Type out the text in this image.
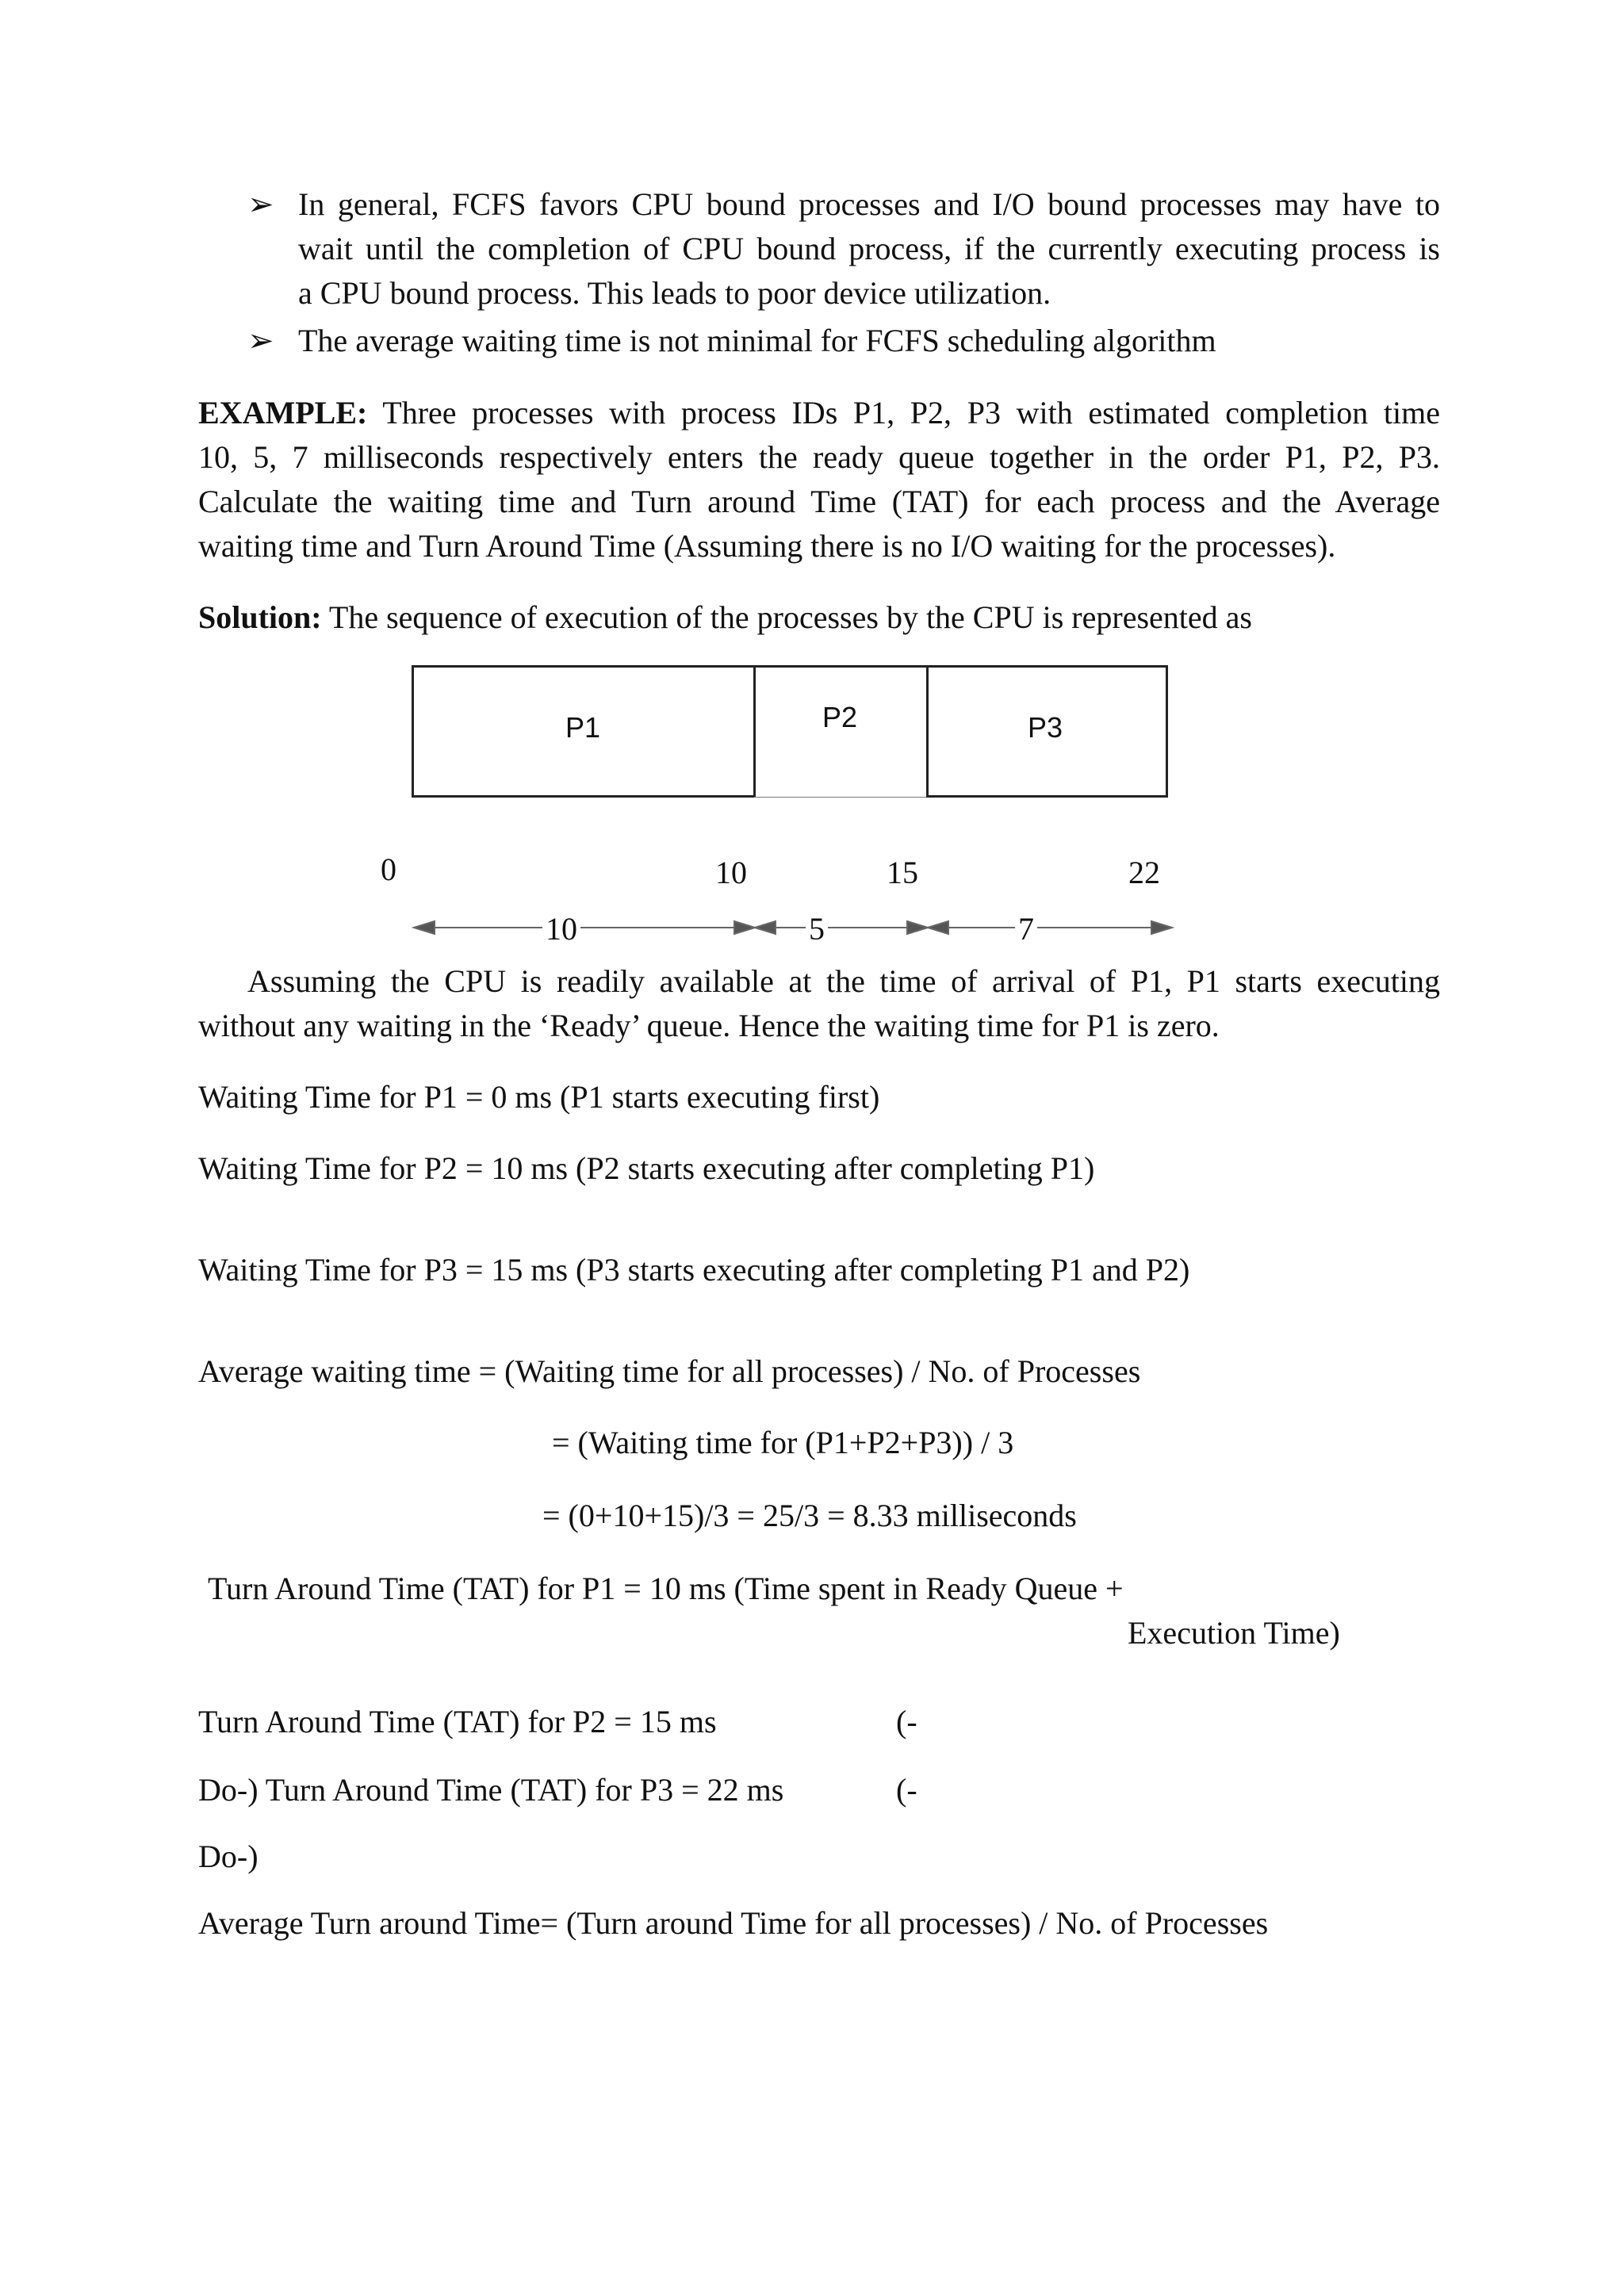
➢ In general, FCFS favors CPU bound processes and I/O bound processes may have to
wait until the completion of CPU bound process, if the currently executing process is
a CPU bound process. This leads to poor device utilization.
➢ The average waiting time is not minimal for FCFS scheduling algorithm
EXAMPLE: Three processes with process IDs P1, P2, P3 with estimated completion time
10, 5, 7 milliseconds respectively enters the ready queue together in the order P1, P2, P3.
Calculate the waiting time and Turn around Time (TAT) for each process and the Average
waiting time and Turn Around Time (Assuming there is no I/O waiting for the processes).
Solution: The sequence of execution of the processes by the CPU is represented as
P1	P2	P3
0	10	15	22
10	5	7
Assuming the CPU is readily available at the time of arrival of P1, P1 starts executing
without any waiting in the ‘Ready’ queue. Hence the waiting time for P1 is zero.
Waiting Time for P1 = 0 ms (P1 starts executing first)
Waiting Time for P2 = 10 ms (P2 starts executing after completing P1)
Waiting Time for P3 = 15 ms (P3 starts executing after completing P1 and P2)
Average waiting time = (Waiting time for all processes) / No. of Processes
= (Waiting time for (P1+P2+P3)) / 3
= (0+10+15)/3 = 25/3 = 8.33 milliseconds
Turn Around Time (TAT) for P1 = 10 ms (Time spent in Ready Queue +
Execution Time)
Turn Around Time (TAT) for P2 = 15 ms	(-
Do-) Turn Around Time (TAT) for P3 = 22 ms	(-
Do-)
Average Turn around Time= (Turn around Time for all processes) / No. of Processes
